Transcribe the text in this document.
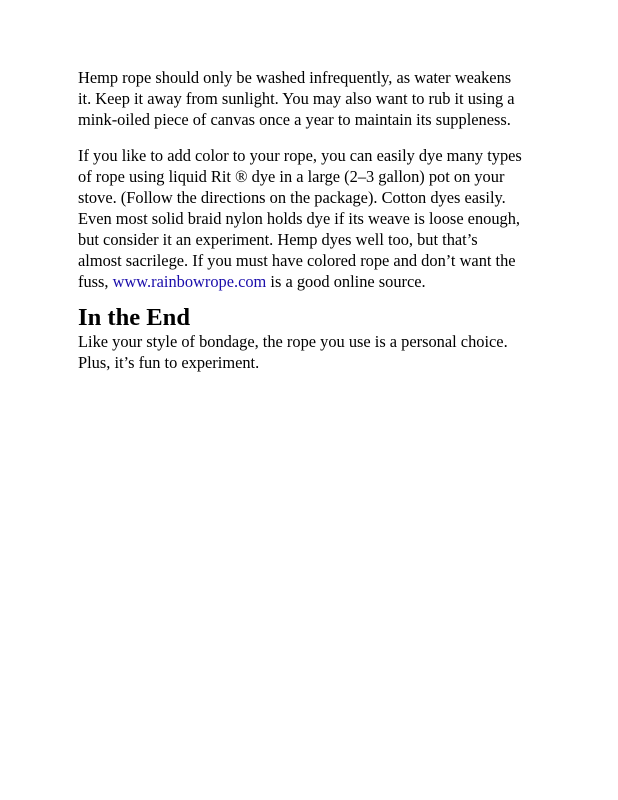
Hemp rope should only be washed infrequently, as water weakens
it. Keep it away from sunlight. You may also want to rub it using a
mink-oiled piece of canvas once a year to maintain its suppleness.

If you like to add color to your rope, you can easily dye many types
of rope using liquid Rit ® dye in a large (2–3 gallon) pot on your
stove. (Follow the directions on the package). Cotton dyes easily.
Even most solid braid nylon holds dye if its weave is loose enough,
but consider it an experiment. Hemp dyes well too, but that’s
almost sacrilege. If you must have colored rope and don’t want the
fuss, www.rainbowrope.com is a good online source.

In the End

Like your style of bondage, the rope you use is a personal choice.
Plus, it’s fun to experiment.
